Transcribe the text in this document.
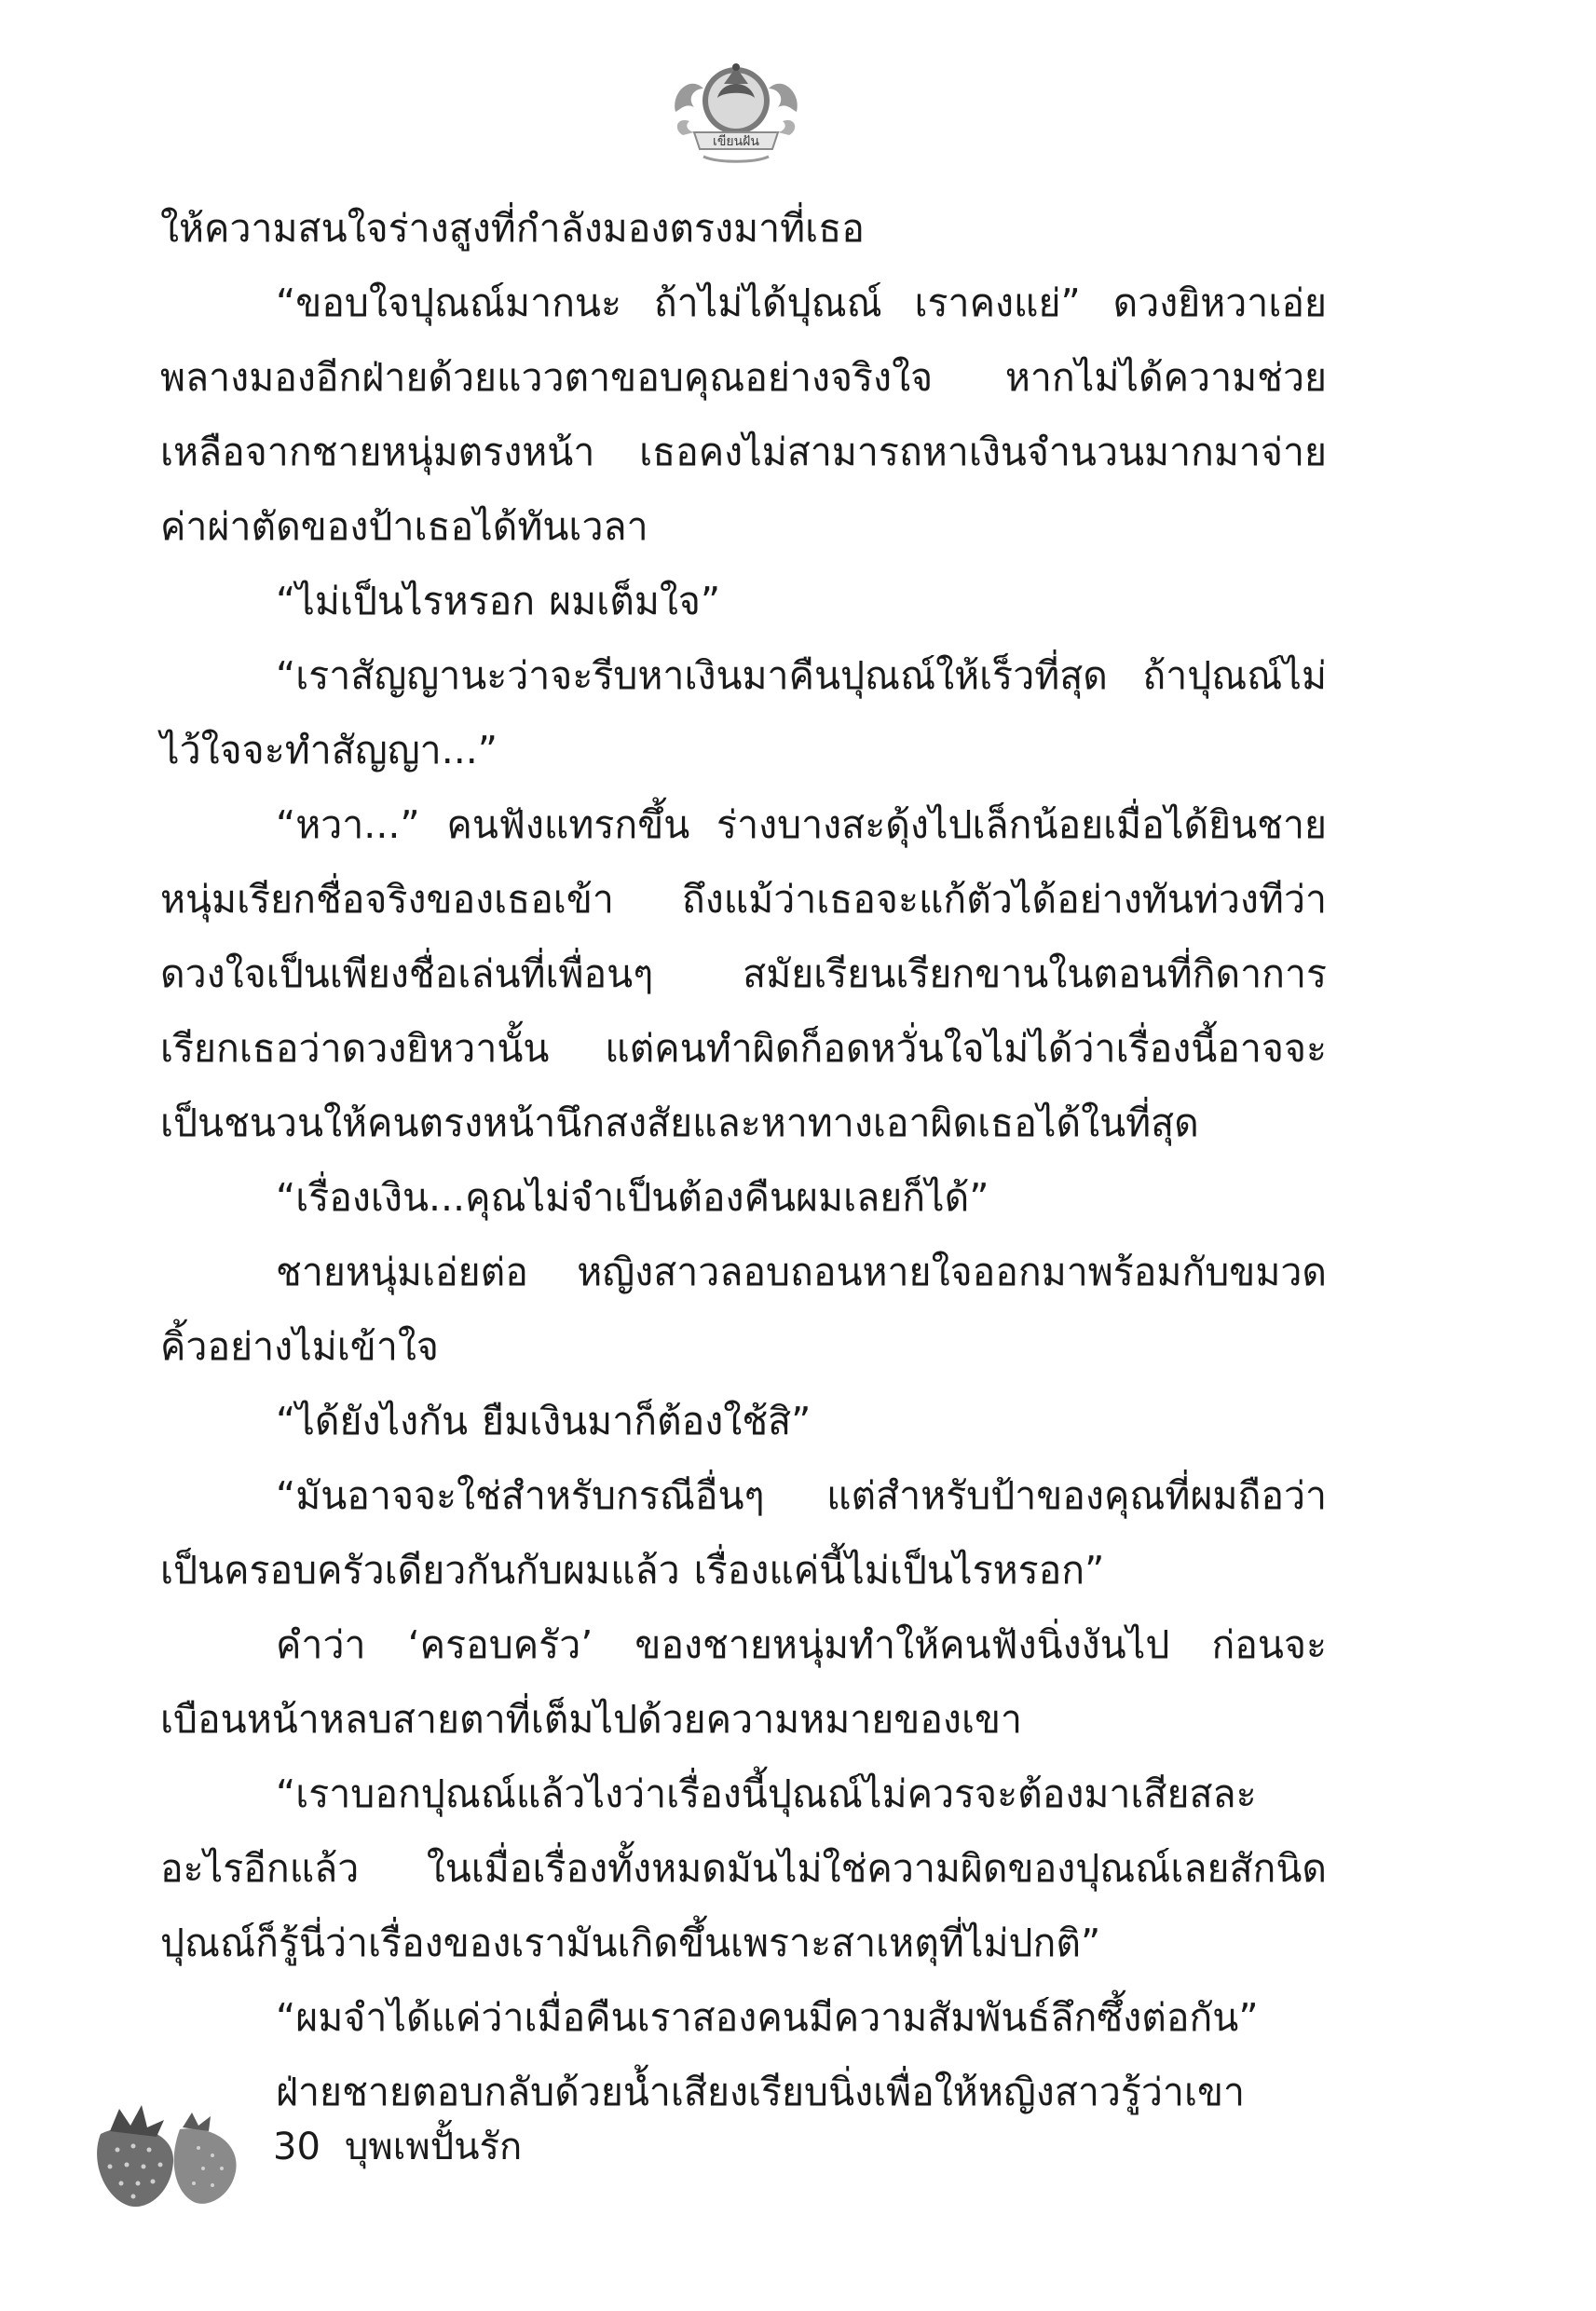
เขียนฝัน

ให้ความสนใจร่างสูงที่กำลังมองตรงมาที่เธอ

“ขอบใจปุณณ์มากนะ ถ้าไม่ได้ปุณณ์ เราคงแย่” ดวงยิหวาเอ่ยพลางมองอีกฝ่ายด้วยแววตาขอบคุณอย่างจริงใจ หากไม่ได้ความช่วยเหลือจากชายหนุ่มตรงหน้า เธอคงไม่สามารถหาเงินจำนวนมากมาจ่ายค่าผ่าตัดของป้าเธอได้ทันเวลา

“ไม่เป็นไรหรอก ผมเต็มใจ”

“เราสัญญานะว่าจะรีบหาเงินมาคืนปุณณ์ให้เร็วที่สุด ถ้าปุณณ์ไม่ไว้ใจจะทำสัญญา...”

“หวา...” คนฟังแทรกขึ้น ร่างบางสะดุ้งไปเล็กน้อยเมื่อได้ยินชายหนุ่มเรียกชื่อจริงของเธอเข้า ถึงแม้ว่าเธอจะแก้ตัวได้อย่างทันท่วงทีว่าดวงใจเป็นเพียงชื่อเล่นที่เพื่อนๆ สมัยเรียนเรียกขานในตอนที่กิดาการเรียกเธอว่าดวงยิหวานั้น แต่คนทำผิดก็อดหวั่นใจไม่ได้ว่าเรื่องนี้อาจจะเป็นชนวนให้คนตรงหน้านึกสงสัยและหาทางเอาผิดเธอได้ในที่สุด

“เรื่องเงิน...คุณไม่จำเป็นต้องคืนผมเลยก็ได้”

ชายหนุ่มเอ่ยต่อ หญิงสาวลอบถอนหายใจออกมาพร้อมกับขมวดคิ้วอย่างไม่เข้าใจ

“ได้ยังไงกัน ยืมเงินมาก็ต้องใช้สิ”

“มันอาจจะใช่สำหรับกรณีอื่นๆ แต่สำหรับป้าของคุณที่ผมถือว่าเป็นครอบครัวเดียวกันกับผมแล้ว เรื่องแค่นี้ไม่เป็นไรหรอก”

คำว่า ‘ครอบครัว’ ของชายหนุ่มทำให้คนฟังนิ่งงันไป ก่อนจะเบือนหน้าหลบสายตาที่เต็มไปด้วยความหมายของเขา

“เราบอกปุณณ์แล้วไงว่าเรื่องนี้ปุณณ์ไม่ควรจะต้องมาเสียสละอะไรอีกแล้ว ในเมื่อเรื่องทั้งหมดมันไม่ใช่ความผิดของปุณณ์เลยสักนิดปุณณ์ก็รู้นี่ว่าเรื่องของเรามันเกิดขึ้นเพราะสาเหตุที่ไม่ปกติ”

“ผมจำได้แค่ว่าเมื่อคืนเราสองคนมีความสัมพันธ์ลึกซึ้งต่อกัน”

ฝ่ายชายตอบกลับด้วยน้ำเสียงเรียบนิ่งเพื่อให้หญิงสาวรู้ว่าเขา

30 บุพเพปั้นรัก
